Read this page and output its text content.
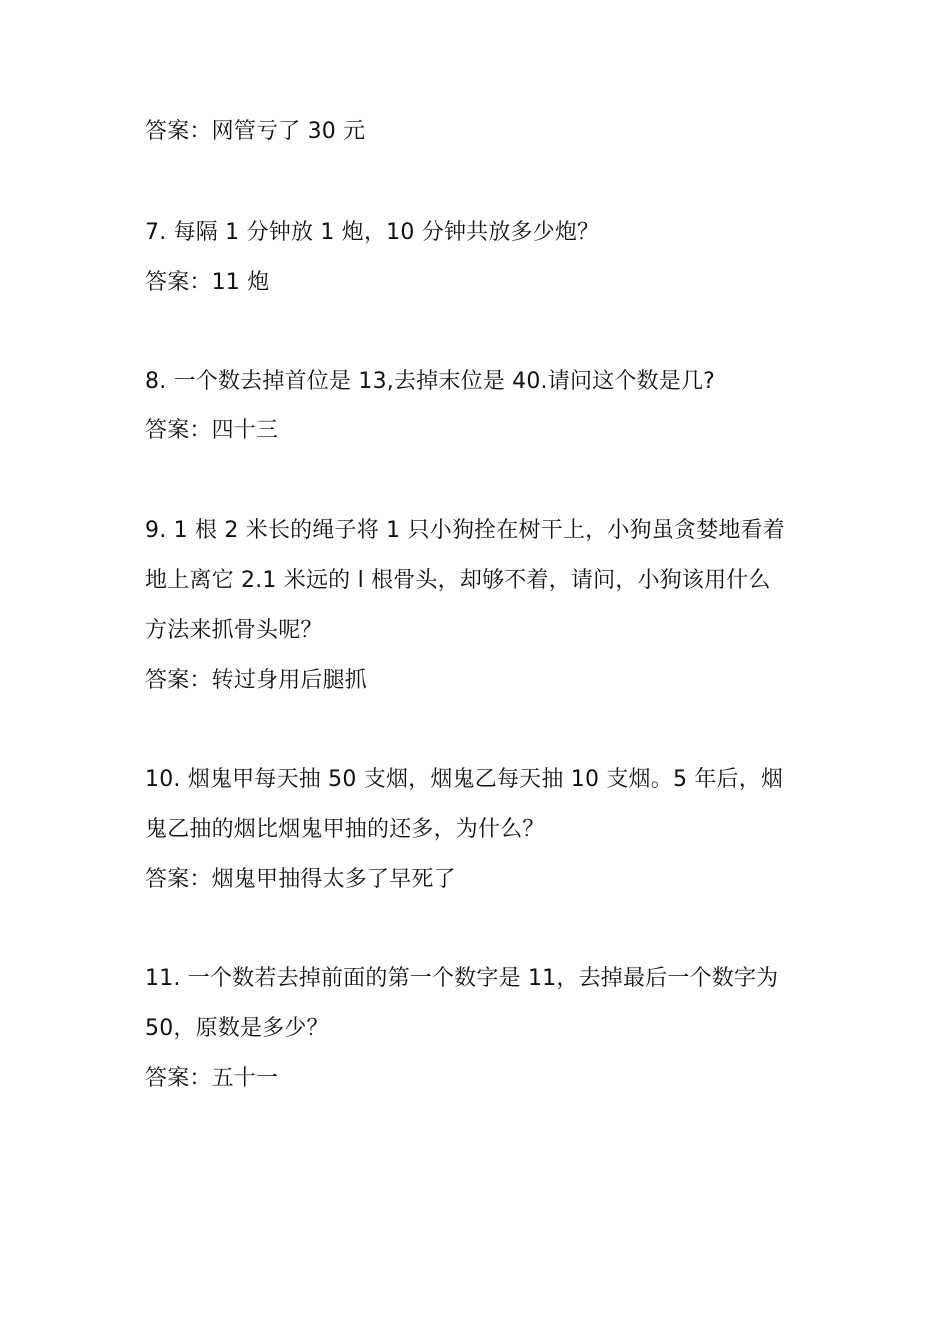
答案：网管亏了 30 元
7. 每隔 1 分钟放 1 炮，10 分钟共放多少炮？
答案：11 炮
8. 一个数去掉首位是 13,去掉末位是 40.请问这个数是几?
答案：四十三
9. 1 根 2 米长的绳子将 1 只小狗拴在树干上，小狗虽贪婪地看着
地上离它 2.1 米远的 l 根骨头，却够不着，请问，小狗该用什么
方法来抓骨头呢？
答案：转过身用后腿抓
10. 烟鬼甲每天抽 50 支烟，烟鬼乙每天抽 10 支烟。5 年后，烟
鬼乙抽的烟比烟鬼甲抽的还多，为什么？
答案：烟鬼甲抽得太多了早死了
11. 一个数若去掉前面的第一个数字是 11，去掉最后一个数字为
50，原数是多少？
答案：五十一
